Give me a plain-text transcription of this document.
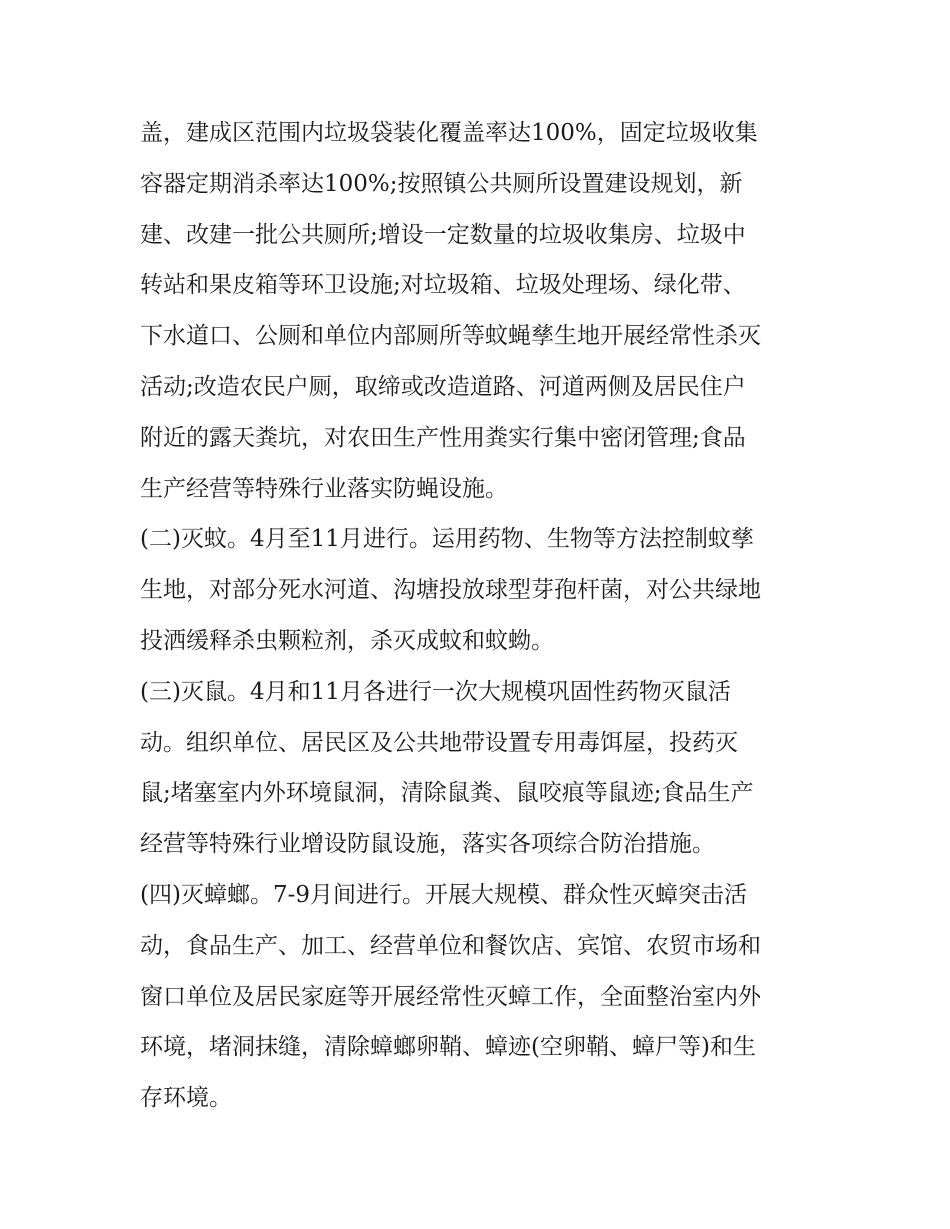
盖，建成区范围内垃圾袋装化覆盖率达100%，固定垃圾收集
容器定期消杀率达100%;按照镇公共厕所设置建设规划，新
建、改建一批公共厕所;增设一定数量的垃圾收集房、垃圾中
转站和果皮箱等环卫设施;对垃圾箱、垃圾处理场、绿化带、
下水道口、公厕和单位内部厕所等蚊蝇孳生地开展经常性杀灭
活动;改造农民户厕，取缔或改造道路、河道两侧及居民住户
附近的露天粪坑，对农田生产性用粪实行集中密闭管理;食品
生产经营等特殊行业落实防蝇设施。
(二)灭蚊。4月至11月进行。运用药物、生物等方法控制蚊孳
生地，对部分死水河道、沟塘投放球型芽孢杆菌，对公共绿地
投洒缓释杀虫颗粒剂，杀灭成蚊和蚊蚴。
(三)灭鼠。4月和11月各进行一次大规模巩固性药物灭鼠活
动。组织单位、居民区及公共地带设置专用毒饵屋，投药灭
鼠;堵塞室内外环境鼠洞，清除鼠粪、鼠咬痕等鼠迹;食品生产
经营等特殊行业增设防鼠设施，落实各项综合防治措施。
(四)灭蟑螂。7-9月间进行。开展大规模、群众性灭蟑突击活
动，食品生产、加工、经营单位和餐饮店、宾馆、农贸市场和
窗口单位及居民家庭等开展经常性灭蟑工作，全面整治室内外
环境，堵洞抹缝，清除蟑螂卵鞘、蟑迹(空卵鞘、蟑尸等)和生
存环境。
